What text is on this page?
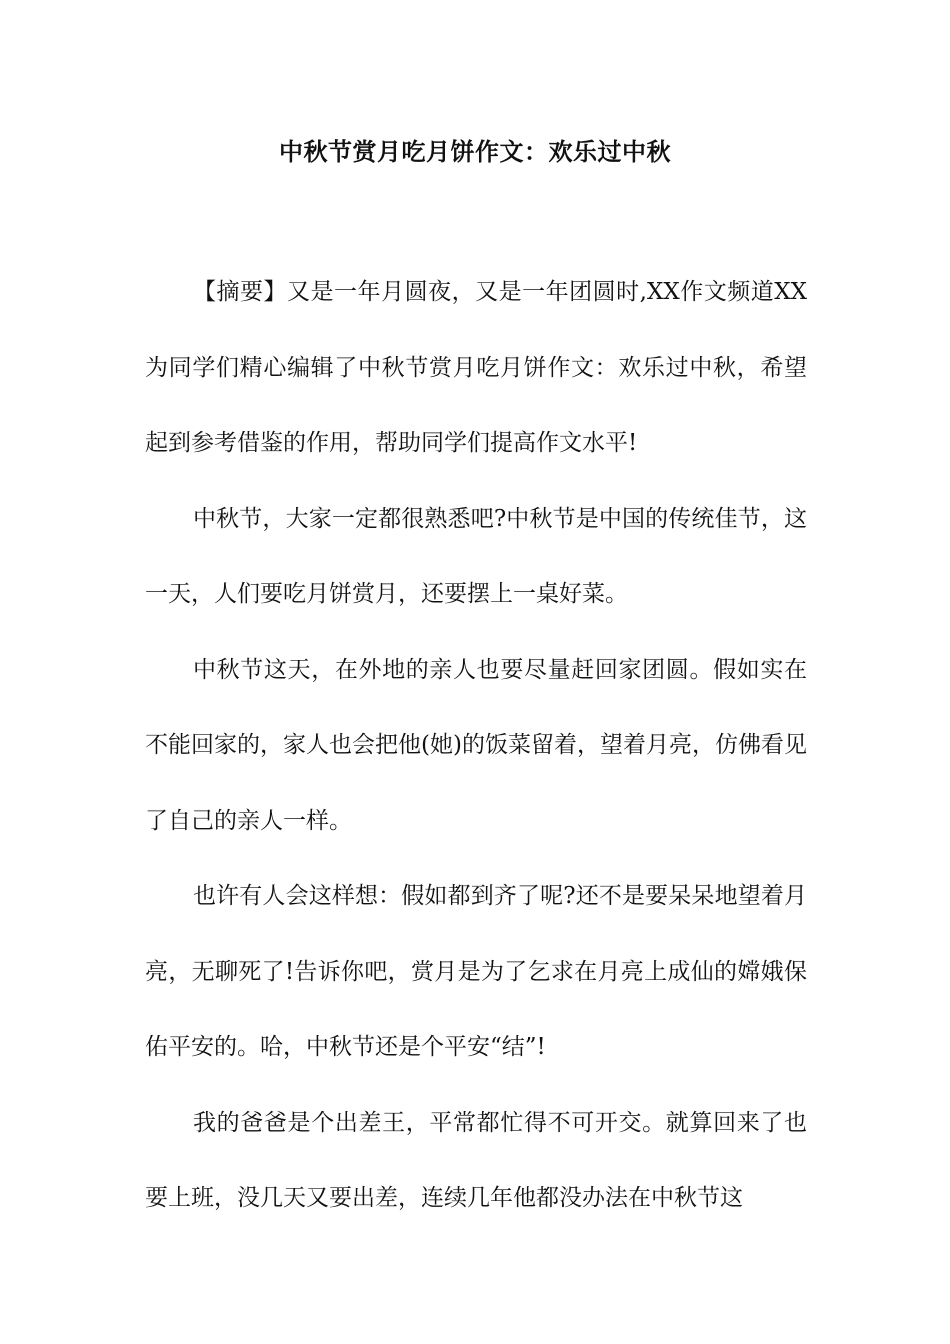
中秋节赏月吃月饼作文：欢乐过中秋

【摘要】又是一年月圆夜，又是一年团圆时,XX作文频道XX为同学们精心编辑了中秋节赏月吃月饼作文：欢乐过中秋，希望起到参考借鉴的作用，帮助同学们提高作文水平!

中秋节，大家一定都很熟悉吧?中秋节是中国的传统佳节，这一天，人们要吃月饼赏月，还要摆上一桌好菜。

中秋节这天，在外地的亲人也要尽量赶回家团圆。假如实在不能回家的，家人也会把他(她)的饭菜留着，望着月亮，仿佛看见了自己的亲人一样。

也许有人会这样想：假如都到齐了呢?还不是要呆呆地望着月亮，无聊死了!告诉你吧，赏月是为了乞求在月亮上成仙的嫦娥保佑平安的。哈，中秋节还是个平安“结”!

我的爸爸是个出差王，平常都忙得不可开交。就算回来了也要上班，没几天又要出差，连续几年他都没办法在中秋节这
